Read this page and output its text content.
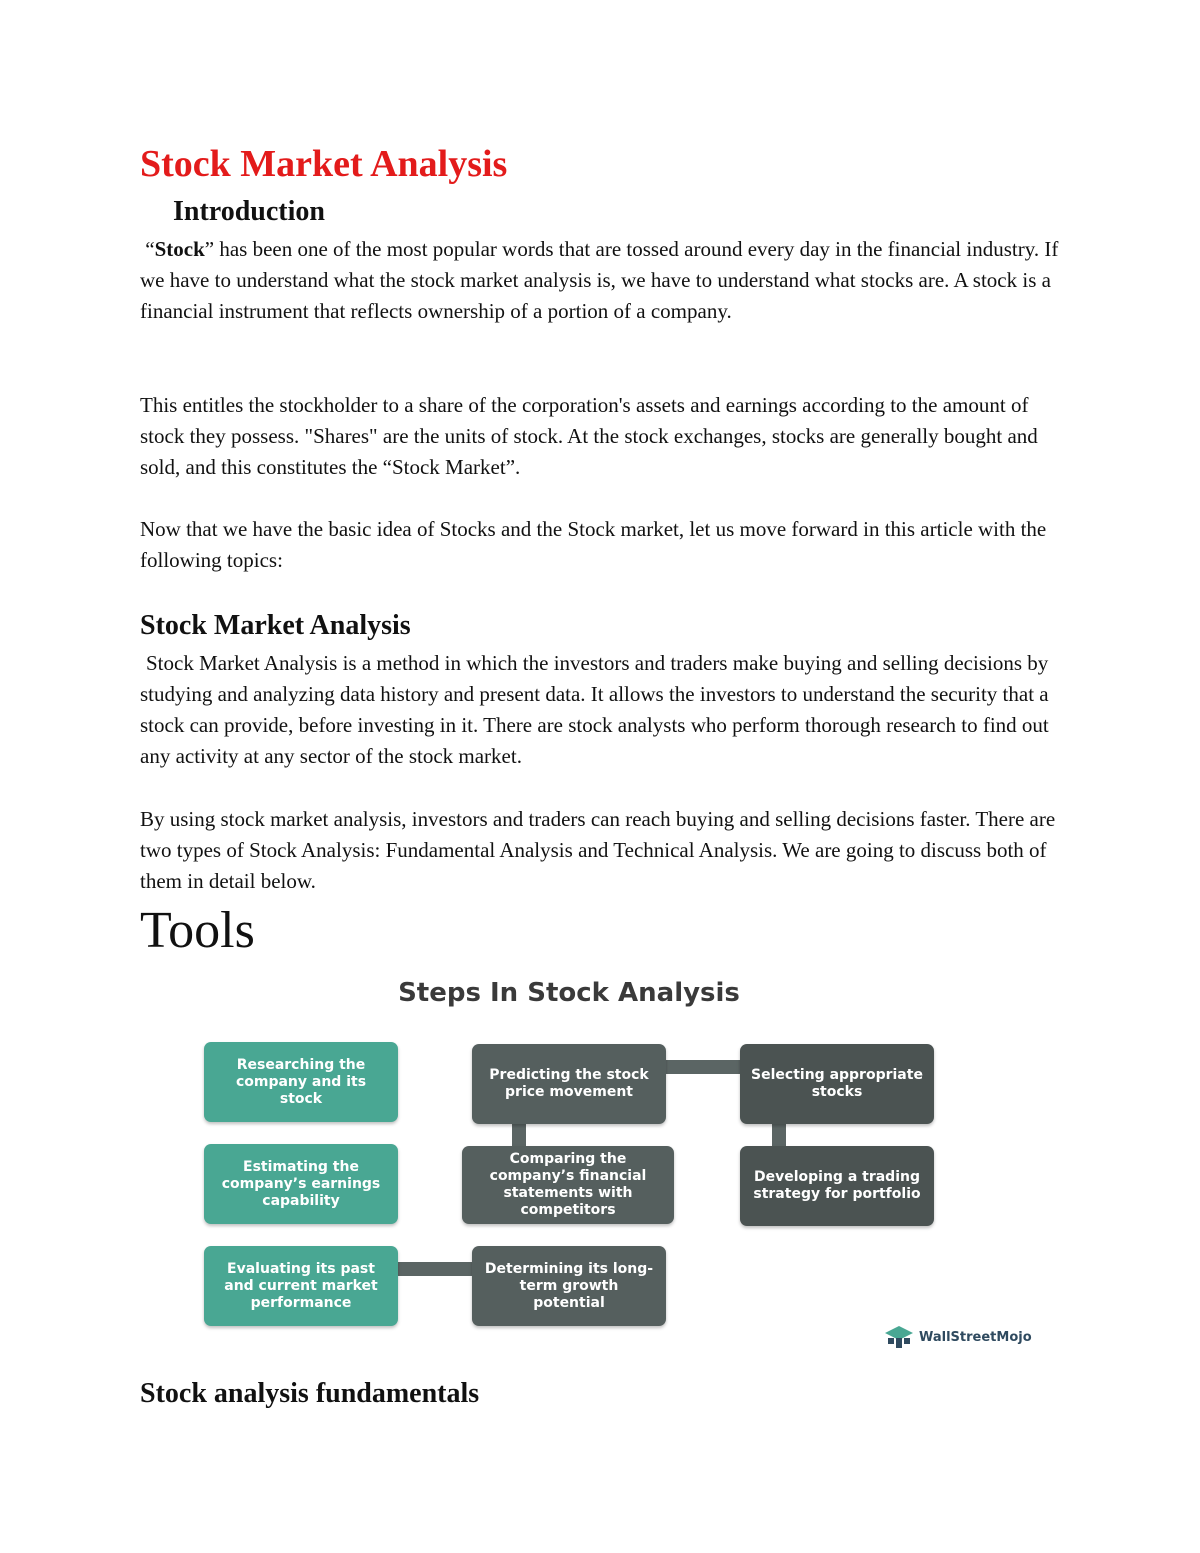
Stock Market Analysis
Introduction

“Stock” has been one of the most popular words that are tossed around every day in the financial industry. If we have to understand what the stock market analysis is, we have to understand what stocks are. A stock is a financial instrument that reflects ownership of a portion of a company.

This entitles the stockholder to a share of the corporation's assets and earnings according to the amount of stock they possess. "Shares" are the units of stock. At the stock exchanges, stocks are generally bought and sold, and this constitutes the “Stock Market”.

Now that we have the basic idea of Stocks and the Stock market, let us move forward in this article with the following topics:

Stock Market Analysis

Stock Market Analysis is a method in which the investors and traders make buying and selling decisions by studying and analyzing data history and present data. It allows the investors to understand the security that a stock can provide, before investing in it. There are stock analysts who perform thorough research to find out any activity at any sector of the stock market.

By using stock market analysis, investors and traders can reach buying and selling decisions faster. There are two types of Stock Analysis: Fundamental Analysis and Technical Analysis. We are going to discuss both of them in detail below.

Tools
Steps In Stock Analysis
Researching the company and its stock
Estimating the company’s earnings capability
Evaluating its past and current market performance
Determining its long-term growth potential
Comparing the company’s financial statements with competitors
Predicting the stock price movement
Selecting appropriate stocks
Developing a trading strategy for portfolio
WallStreetMojo
Stock analysis fundamentals
